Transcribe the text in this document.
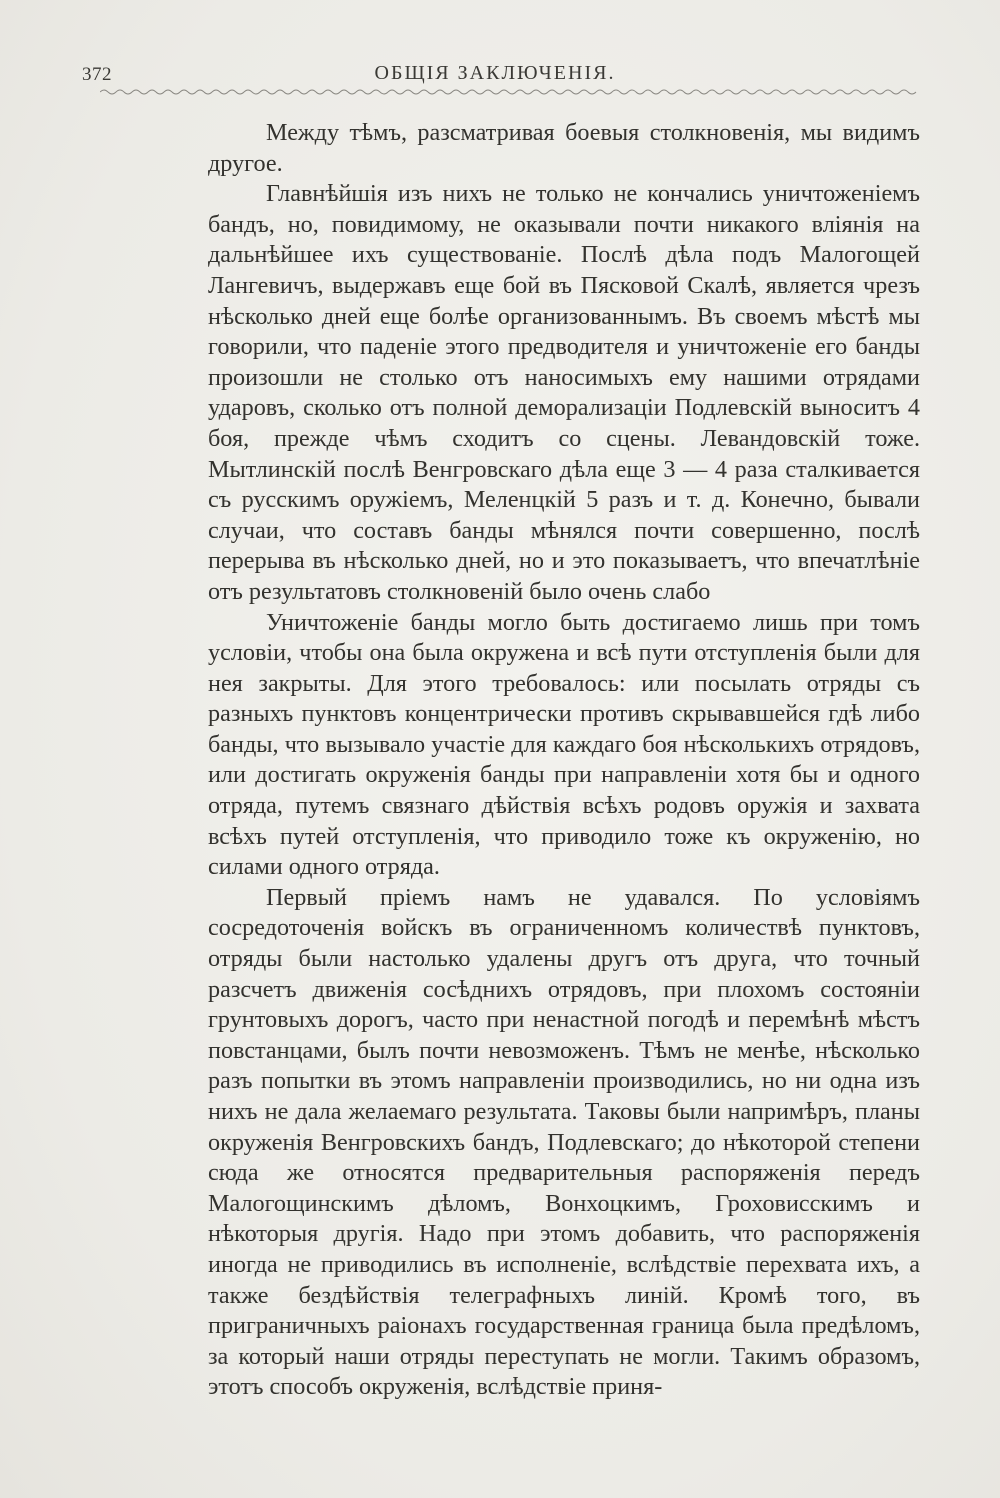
372	ОБЩІЯ ЗАКЛЮЧЕНІЯ.

Между тѣмъ, разсматривая боевыя столкновенія, мы видимъ другое.

Главнѣйшія изъ нихъ не только не кончались уничтоженіемъ бандъ, но, повидимому, не оказывали почти никакого вліянія на дальнѣйшее ихъ существованіе. Послѣ дѣла подъ Малогощей Лангевичъ, выдержавъ еще бой въ Пясковой Скалѣ, является чрезъ нѣсколько дней еще болѣе организованнымъ. Въ своемъ мѣстѣ мы говорили, что паденіе этого предводителя и уничтоженіе его банды произошли не столько отъ наносимыхъ ему нашими отрядами ударовъ, сколько отъ полной деморализаціи Подлевскій выноситъ 4 боя, прежде чѣмъ сходитъ со сцены. Левандовскій тоже. Мытлинскій послѣ Венгровскаго дѣла еще 3 — 4 раза сталкивается съ русскимъ оружіемъ, Меленцкій 5 разъ и т. д. Конечно, бывали случаи, что составъ банды мѣнялся почти совершенно, послѣ перерыва въ нѣсколько дней, но и это показываетъ, что впечатлѣніе отъ результатовъ столкновеній было очень слабо

Уничтоженіе банды могло быть достигаемо лишь при томъ условіи, чтобы она была окружена и всѣ пути отступленія были для нея закрыты. Для этого требовалось: или посылать отряды съ разныхъ пунктовъ концентрически противъ скрывавшейся гдѣ либо банды, что вызывало участіе для каждаго боя нѣсколькихъ отрядовъ, или достигать окруженія банды при направленіи хотя бы и одного отряда, путемъ связнаго дѣйствія всѣхъ родовъ оружія и захвата всѣхъ путей отступленія, что приводило тоже къ окруженію, но силами одного отряда.

Первый пріемъ намъ не удавался. По условіямъ сосредоточенія войскъ въ ограниченномъ количествѣ пунктовъ, отряды были настолько удалены другъ отъ друга, что точный разсчетъ движенія сосѣднихъ отрядовъ, при плохомъ состояніи грунтовыхъ дорогъ, часто при ненастной погодѣ и перемѣнѣ мѣстъ повстанцами, былъ почти невозможенъ. Тѣмъ не менѣе, нѣсколько разъ попытки въ этомъ направленіи производились, но ни одна изъ нихъ не дала желаемаго результата. Таковы были напримѣръ, планы окруженія Венгровскихъ бандъ, Подлевскаго; до нѣкоторой степени сюда же относятся предварительныя распоряженія передъ Малогощинскимъ дѣломъ, Вонхоцкимъ, Гроховисскимъ и нѣкоторыя другія. Надо при этомъ добавить, что распоряженія иногда не приводились въ исполненіе, вслѣдствіе перехвата ихъ, а также бездѣйствія телеграфныхъ линій. Кромѣ того, въ приграничныхъ раіонахъ государственная граница была предѣломъ, за который наши отряды переступать не могли. Такимъ образомъ, этотъ способъ окруженія, вслѣдствіе приня-
